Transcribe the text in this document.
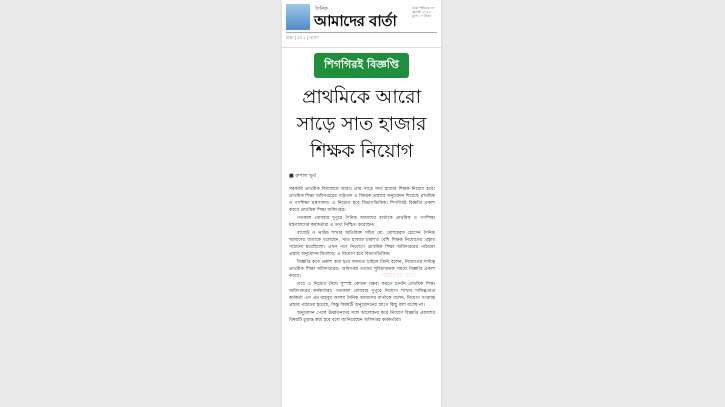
দৈনিক
আমাদের বার্তা
ঢাকা শনিবার ৩০ জুলাই ২০২২ মূল্য ১০ টাকা
ঢাকা | বর্ষ ২ | সংখ্যা
শিগগিরই বিজ্ঞপ্তি
প্রাথমিকে আরো
সাড়ে সাত হাজার
শিক্ষক নিয়োগ
■ রুপাল ভূর্ব

সরকারি প্রাথমিক বিদ্যালয়ে আরও প্রায় সাড়ে সাত হাজার শিক্ষক নিয়োগ হবে। প্রাথমিক শিক্ষা অধিদপ্তরের পাঠানো এ বিষয়ক প্রস্তাবে অনুমোদন দিয়েছে প্রাথমিক ও গণশিক্ষা মন্ত্রণালয়। এ নিয়োগ হবে বিভাগভিত্তিক। শিগগিরই বিজ্ঞপ্তি প্রকাশ করবে প্রাথমিক শিক্ষা অধিদপ্তর।

গতকাল রোববার দুপুরে দৈনিক আমাদের বার্তাকে প্রাথমিক ও গণশিক্ষা মন্ত্রণালয়ের কর্মকর্তারা এ তথ্য নিশ্চিত করেছেন।

বাজেট ও ভাউচ শাখার অতিরিক্ত সচিব মো. মোশাররফ হোসেন দৈনিক আমাদের বার্তাকে বলেছেন, সাত হাজার চারশ'র বেশি শিক্ষক নিয়োগের প্রস্তাব পাঠানো হয়েছিলো। এখন পদে নিয়োগে প্রাথমিক শিক্ষা অধিদপ্তরের পাঠানো প্রস্তাব অনুমোদন মিলেছে। এ নিয়োগ হবে বিভাগভিত্তিক।

বিজ্ঞপ্তি কবে প্রকাশ করা হবে জানতে চাইলে তিনি বলেন, নিয়োগের দায়িত্ব প্রাথমিক শিক্ষা অধিদপ্তরের। অধিদপ্তর তাদের সুবিধাজনক সময়ে বিজ্ঞপ্তি প্রকাশ করবে।

তবে এ নিয়োগ নিয়ে সুস্পষ্ট কোনো মন্তব্য করতে চাননি প্রাথমিক শিক্ষা অধিদপ্তরের কর্মকর্তারা। গতকাল রোববার দুপুরে নিয়োগ শাখার দায়িত্বপ্রাপ্ত কর্মকর্তা এস এম মাহবুব আলম দৈনিক আমাদের বার্তাকে বলেন, নিয়োগ সংক্রান্ত প্রস্তাব পাঠানো হয়েছে, কিন্তু বিষয়টি অনুমোদনের আগে কিছু বলা যাচ্ছে না।

অনুমোদন পেলে ঊর্ধ্বতনদের সঙ্গে আলোচনা করে নিয়োগ বিজ্ঞপ্তি প্রকাশের বিষয়টি চূড়ান্ত করা হবে বলে জানিয়েছেন অধিদপ্তর কর্মকর্তারা।

আমাদের বার্তা
